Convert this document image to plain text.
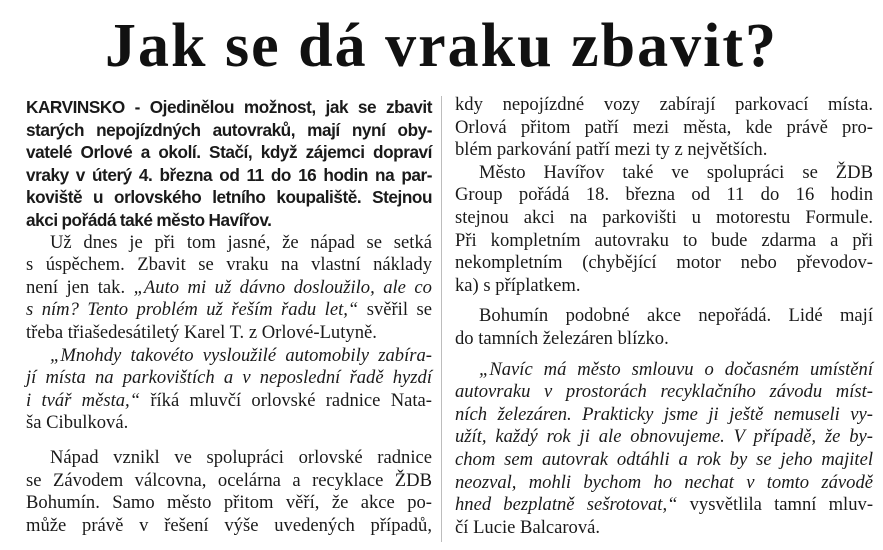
Jak se dá vraku zbavit?
KARVINSKO - Ojedinělou možnost, jak se zbavit
starých nepojízdných autovraků, mají nyní oby-
vatelé Orlové a okolí. Stačí, když zájemci dopraví
vraky v úterý 4. března od 11 do 16 hodin na par-
koviště u orlovského letního koupaliště. Stejnou
akci pořádá také město Havířov.
Už dnes je při tom jasné, že nápad se setká
s úspěchem. Zbavit se vraku na vlastní náklady
není jen tak. „Auto mi už dávno dosloužilo, ale co
s ním? Tento problém už řeším řadu let,“ svěřil se
třeba třiašedesátiletý Karel T. z Orlové-Lutyně.
„Mnohdy takovéto vysloužilé automobily zabíra-
jí místa na parkovištích a v neposlední řadě hyzdí
i tvář města,“ říká mluvčí orlovské radnice Nata-
ša Cibulková.
Nápad vznikl ve spolupráci orlovské radnice
se Závodem válcovna, ocelárna a recyklace ŽDB
Bohumín. Samo město přitom věří, že akce po-
může právě v řešení výše uvedených případů,
kdy nepojízdné vozy zabírají parkovací místa.
Orlová přitom patří mezi města, kde právě pro-
blém parkování patří mezi ty z největších.
Město Havířov také ve spolupráci se ŽDB
Group pořádá 18. března od 11 do 16 hodin
stejnou akci na parkovišti u motorestu Formule.
Při kompletním autovraku to bude zdarma a při
nekompletním (chybějící motor nebo převodov-
ka) s příplatkem.
Bohumín podobné akce nepořádá. Lidé mají
do tamních železáren blízko.
„Navíc má město smlouvu o dočasném umístění
autovraku v prostorách recyklačního závodu míst-
ních železáren. Prakticky jsme ji ještě nemuseli vy-
užít, každý rok ji ale obnovujeme. V případě, že by-
chom sem autovrak odtáhli a rok by se jeho majitel
neozval, mohli bychom ho nechat v tomto závodě
hned bezplatně sešrotovat,“ vysvětlila tamní mluv-
čí Lucie Balcarová.
